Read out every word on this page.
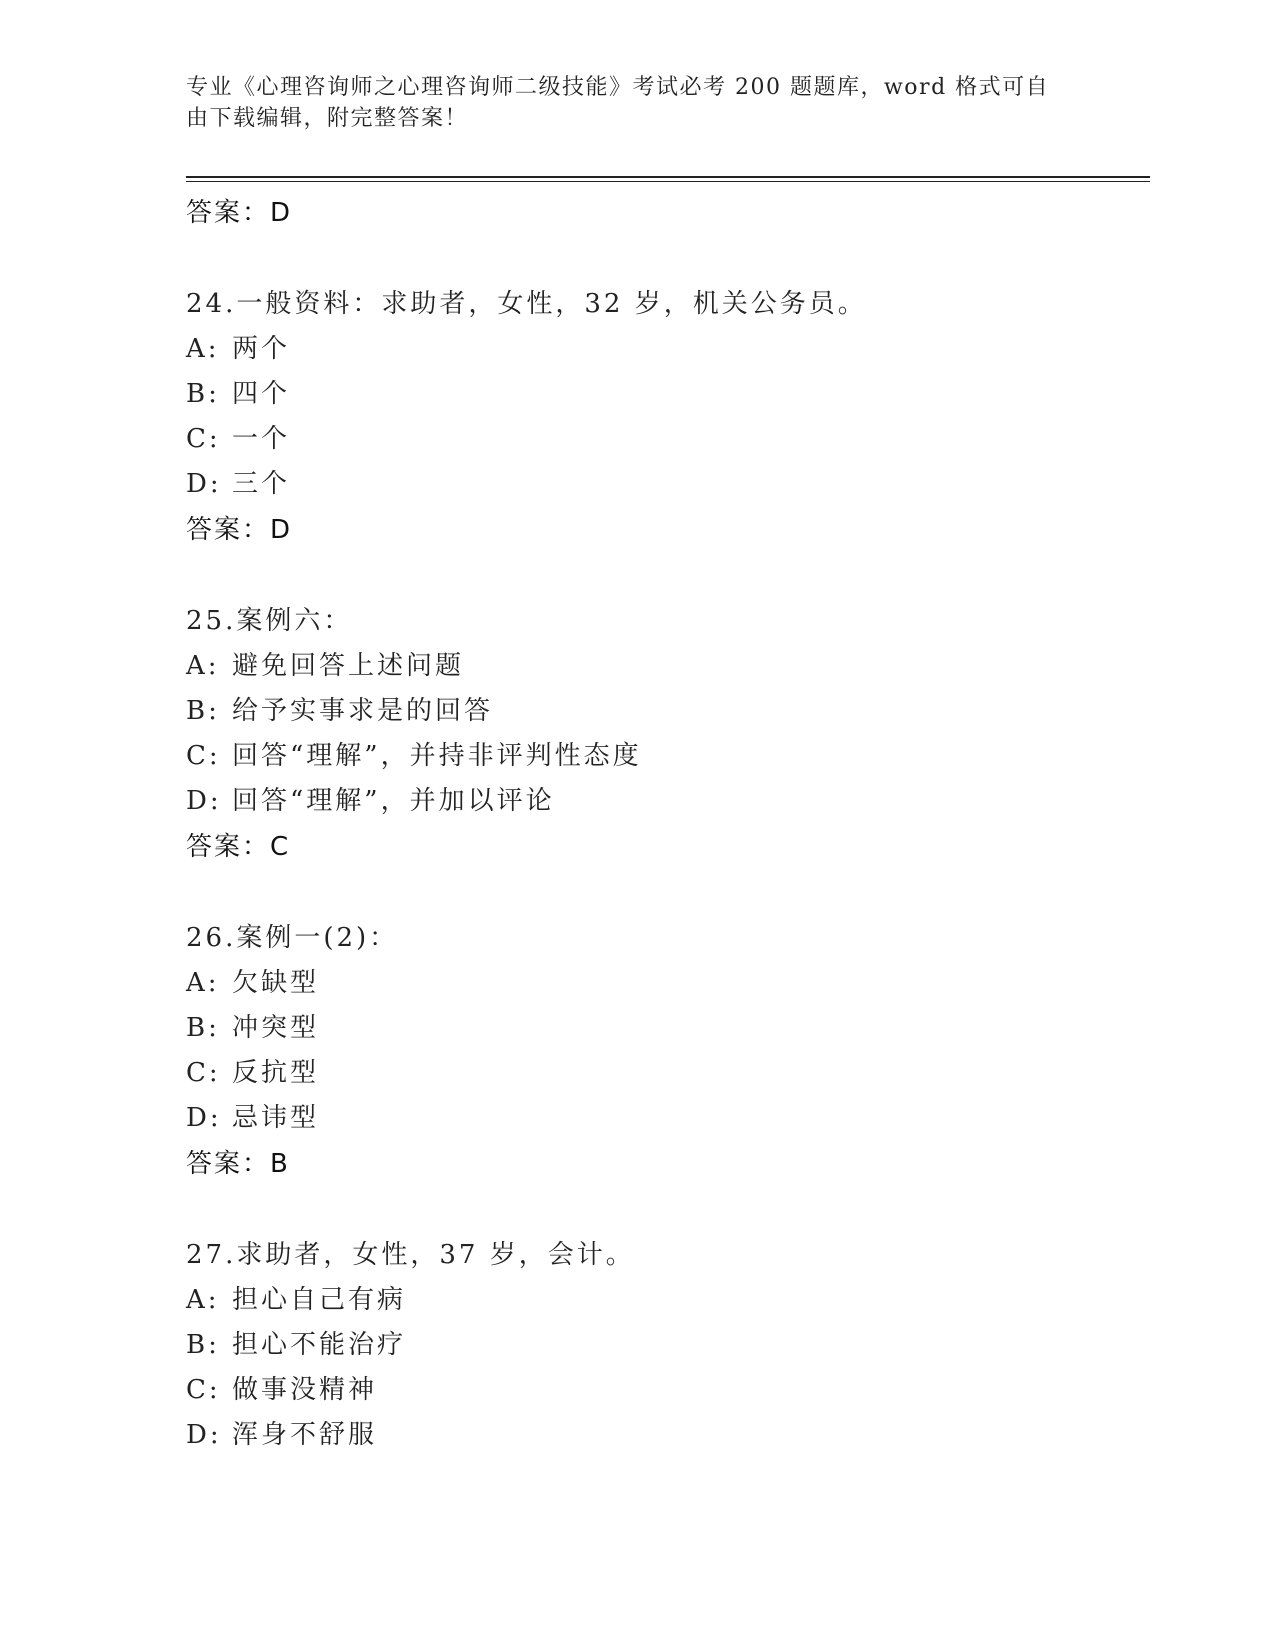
专业《心理咨询师之心理咨询师二级技能》考试必考 200 题题库，word 格式可自
由下载编辑，附完整答案！
答案：D
24.一般资料：求助者，女性，32 岁，机关公务员。
A: 两个
B: 四个
C: 一个
D: 三个
答案：D
25.案例六：
A: 避免回答上述问题
B: 给予实事求是的回答
C: 回答“理解”，并持非评判性态度
D: 回答“理解”，并加以评论
答案：C
26.案例一(2)：
A: 欠缺型
B: 冲突型
C: 反抗型
D: 忌讳型
答案：B
27.求助者，女性，37 岁，会计。
A: 担心自己有病
B: 担心不能治疗
C: 做事没精神
D: 浑身不舒服
